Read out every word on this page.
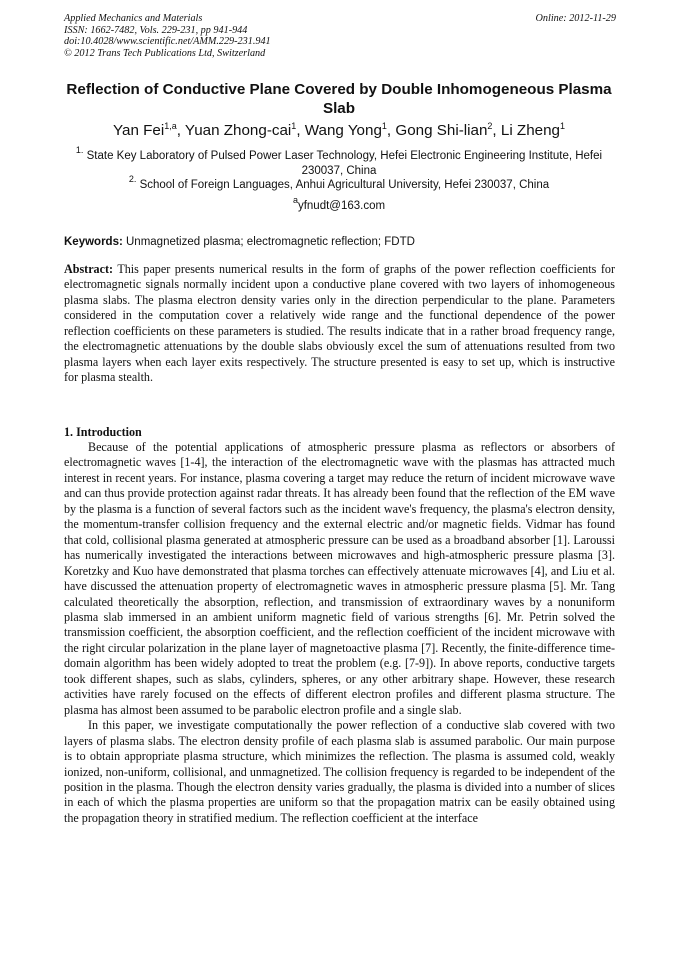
Applied Mechanics and Materials
ISSN: 1662-7482, Vols. 229-231, pp 941-944
doi:10.4028/www.scientific.net/AMM.229-231.941
© 2012 Trans Tech Publications Ltd, Switzerland
Online: 2012-11-29
Reflection of Conductive Plane Covered by Double Inhomogeneous Plasma Slab
Yan Fei$^{1,a}$, Yuan Zhong-cai$^1$, Wang Yong$^1$, Gong Shi-lian$^2$, Li Zheng$^1$
$^{1.}$ State Key Laboratory of Pulsed Power Laser Technology, Hefei Electronic Engineering Institute, Hefei 230037, China
$^{2.}$ School of Foreign Languages, Anhui Agricultural University, Hefei 230037, China
$^a$yfnudt@163.com
Keywords: Unmagnetized plasma; electromagnetic reflection; FDTD
Abstract: This paper presents numerical results in the form of graphs of the power reflection coefficients for electromagnetic signals normally incident upon a conductive plane covered with two layers of inhomogeneous plasma slabs. The plasma electron density varies only in the direction perpendicular to the plane. Parameters considered in the computation cover a relatively wide range and the functional dependence of the power reflection coefficients on these parameters is studied. The results indicate that in a rather broad frequency range, the electromagnetic attenuations by the double slabs obviously excel the sum of attenuations resulted from two plasma layers when each layer exits respectively. The structure presented is easy to set up, which is instructive for plasma stealth.
1. Introduction

Because of the potential applications of atmospheric pressure plasma as reflectors or absorbers of electromagnetic waves [1-4], the interaction of the electromagnetic wave with the plasmas has attracted much interest in recent years. For instance, plasma covering a target may reduce the return of incident microwave wave and can thus provide protection against radar threats. It has already been found that the reflection of the EM wave by the plasma is a function of several factors such as the incident wave's frequency, the plasma's electron density, the momentum-transfer collision frequency and the external electric and/or magnetic fields. Vidmar has found that cold, collisional plasma generated at atmospheric pressure can be used as a broadband absorber [1]. Laroussi has numerically investigated the interactions between microwaves and high-atmospheric pressure plasma [3]. Koretzky and Kuo have demonstrated that plasma torches can effectively attenuate microwaves [4], and Liu et al. have discussed the attenuation property of electromagnetic waves in atmospheric pressure plasma [5]. Mr. Tang calculated theoretically the absorption, reflection, and transmission of extraordinary waves by a nonuniform plasma slab immersed in an ambient uniform magnetic field of various strengths [6]. Mr. Petrin solved the transmission coefficient, the absorption coefficient, and the reflection coefficient of the incident microwave with the right circular polarization in the plane layer of magnetoactive plasma [7]. Recently, the finite-difference time-domain algorithm has been widely adopted to treat the problem (e.g. [7-9]). In above reports, conductive targets took different shapes, such as slabs, cylinders, spheres, or any other arbitrary shape. However, these research activities have rarely focused on the effects of different electron profiles and different plasma structure. The plasma has almost been assumed to be parabolic electron profile and a single slab.

In this paper, we investigate computationally the power reflection of a conductive slab covered with two layers of plasma slabs. The electron density profile of each plasma slab is assumed parabolic. Our main purpose is to obtain appropriate plasma structure, which minimizes the reflection. The plasma is assumed cold, weakly ionized, non-uniform, collisional, and unmagnetized. The collision frequency is regarded to be independent of the position in the plasma. Though the electron density varies gradually, the plasma is divided into a number of slices in each of which the plasma properties are uniform so that the propagation matrix can be easily obtained using the propagation theory in stratified medium. The reflection coefficient at the interface
